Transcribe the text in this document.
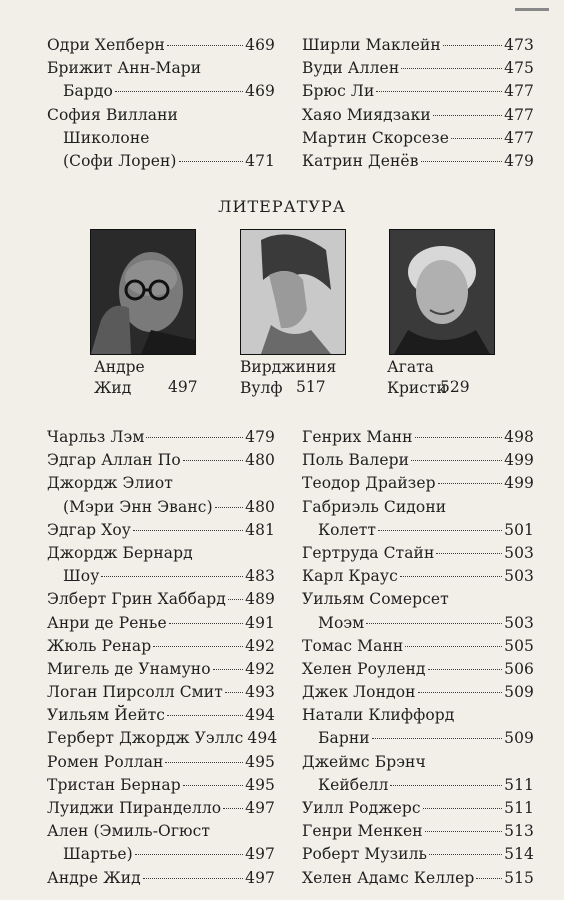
Одри Хепберн	469
Брижит Анн-Мари
Бардо	469
София Виллани
Шиколоне
(Софи Лорен)	471
Ширли Маклейн	473
Вуди Аллен	475
Брюс Ли	477
Хаяо Миядзаки	477
Мартин Скорсезе	477
Катрин Денёв	479
ЛИТЕРАТУРА
Андре
Жид 497
Вирджиния
Вулф 517
Агата
Кристи
529
Чарльз Лэм	479
Эдгар Аллан По	480
Джордж Элиот
(Мэри Энн Эванс) 480
Эдгар Хоу	481
Джордж Бернард
Шоу	483
Элберт Грин Хаббард 489
Анри де Ренье	491
Жюль Ренар	492
Мигель де Унамуно 492
Логан Пирсолл Смит 493
Уильям Йейтс	494
Герберт Джордж Уэллс 494
Ромен Роллан	495
Тристан Бернар	495
Луиджи Пиранделло 497
Ален (Эмиль-Огюст
Шартье)	497
Андре Жид	497
Генрих Манн	498
Поль Валери	499
Теодор Драйзер	499
Габриэль Сидони
Колетт	501
Гертруда Стайн	503
Карл Краус	503
Уильям Сомерсет
Моэм	503
Томас Манн	505
Хелен Роуленд	506
Джек Лондон	509
Натали Клиффорд
Барни	509
Джеймс Брэнч
Кейбелл	511
Уилл Роджерс	511
Генри Менкен	513
Роберт Музиль	514
Хелен Адамс Келлер 515
